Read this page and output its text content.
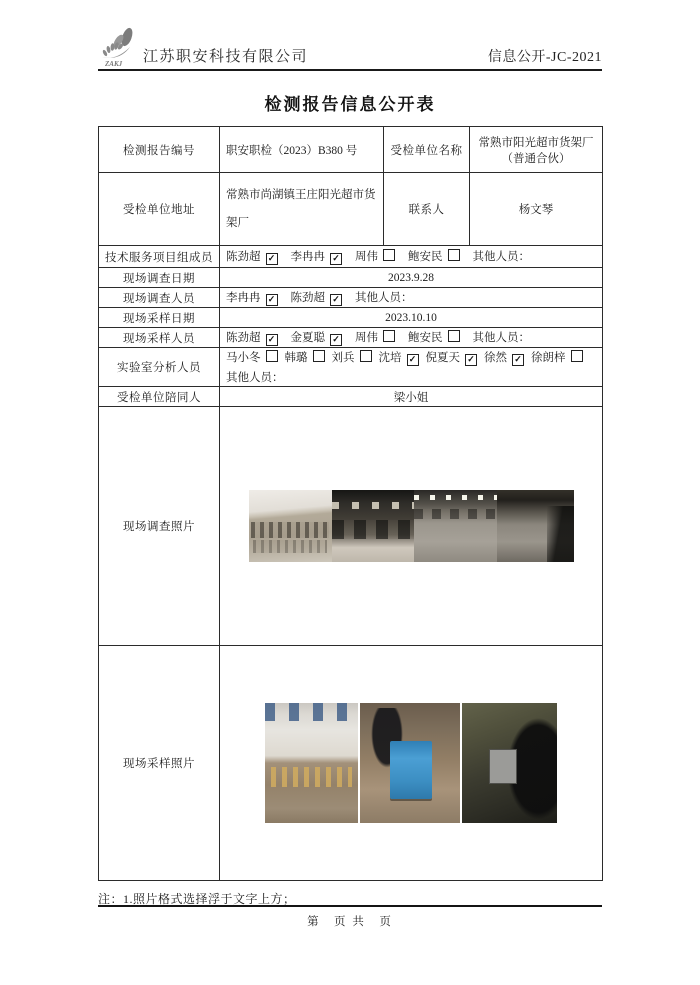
ZAKJ 江苏职安科技有限公司	信息公开-JC-2021
检测报告信息公开表
检测报告编号	职安职检（2023）B380 号	受检单位名称	常熟市阳光超市货架厂（普通合伙）
受检单位地址	常熟市尚湖镇王庄阳光超市货架厂	联系人	杨文琴
技术服务项目组成员	陈劲超 ✓ 李冉冉 ✓ 周伟 鲍安民 其他人员：		
现场调查日期	2023.9.28		
现场调查人员	李冉冉 ✓ 陈劲超 ✓ 其他人员：		
现场采样日期	2023.10.10		
现场采样人员	陈劲超 ✓ 金夏聪 ✓ 周伟 鲍安民 其他人员：		
实验室分析人员	马小冬 韩璐 刘兵 沈培 ✓ 倪夏天 ✓ 徐然 ✓ 徐朗梓
其他人员：		

受检单位陪同人	梁小姐		
现场调查照片			

现场采样照片			
注：1.照片格式选择浮于文字上方；
第　页 共　页
